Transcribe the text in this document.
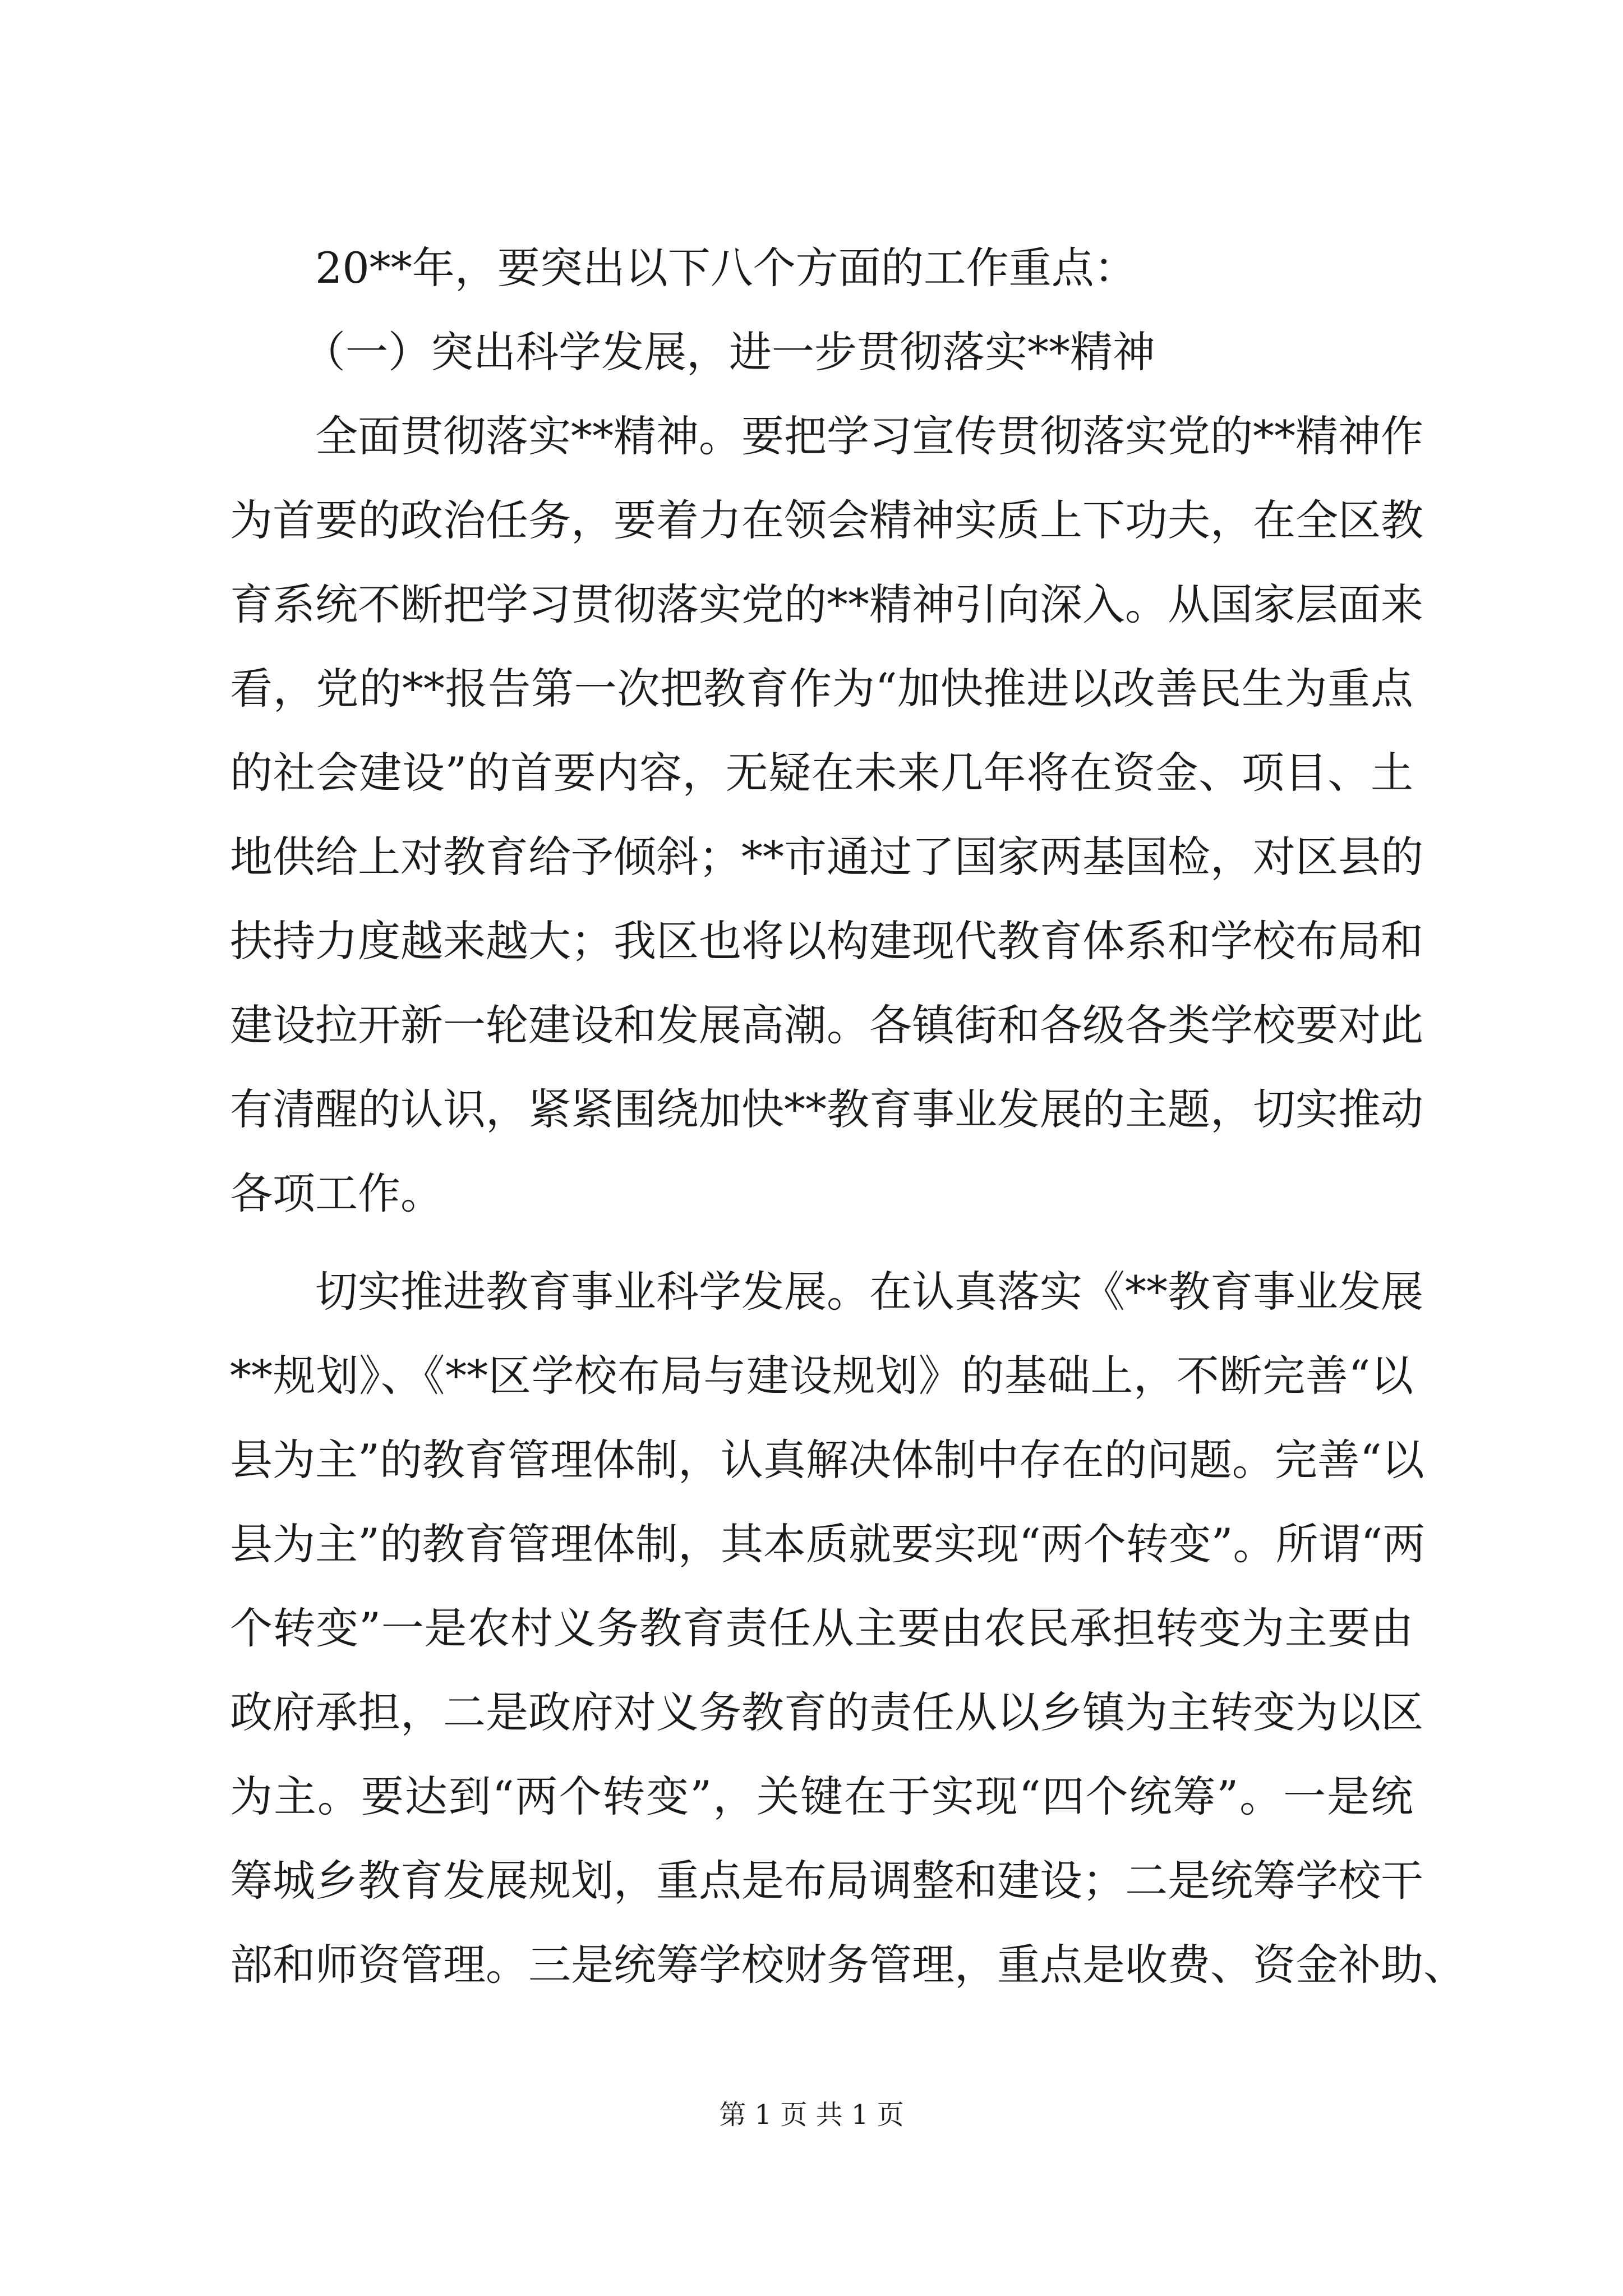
20**年，要突出以下八个方面的工作重点：
（一）突出科学发展，进一步贯彻落实**精神
全面贯彻落实**精神。要把学习宣传贯彻落实党的**精神作
为首要的政治任务，要着力在领会精神实质上下功夫，在全区教
育系统不断把学习贯彻落实党的**精神引向深入。从国家层面来
看，党的**报告第一次把教育作为“加快推进以改善民生为重点
的社会建设”的首要内容，无疑在未来几年将在资金、项目、土
地供给上对教育给予倾斜；**市通过了国家两基国检，对区县的
扶持力度越来越大；我区也将以构建现代教育体系和学校布局和
建设拉开新一轮建设和发展高潮。各镇街和各级各类学校要对此
有清醒的认识，紧紧围绕加快**教育事业发展的主题，切实推动
各项工作。
切实推进教育事业科学发展。在认真落实《**教育事业发展
**规划》、《**区学校布局与建设规划》的基础上，不断完善“以
县为主”的教育管理体制，认真解决体制中存在的问题。完善“以
县为主”的教育管理体制，其本质就要实现“两个转变”。所谓“两
个转变”一是农村义务教育责任从主要由农民承担转变为主要由
政府承担，二是政府对义务教育的责任从以乡镇为主转变为以区
为主。要达到“两个转变”，关键在于实现“四个统筹”。一是统
筹城乡教育发展规划，重点是布局调整和建设；二是统筹学校干
部和师资管理。三是统筹学校财务管理，重点是收费、资金补助、
第 1 页 共 1 页
